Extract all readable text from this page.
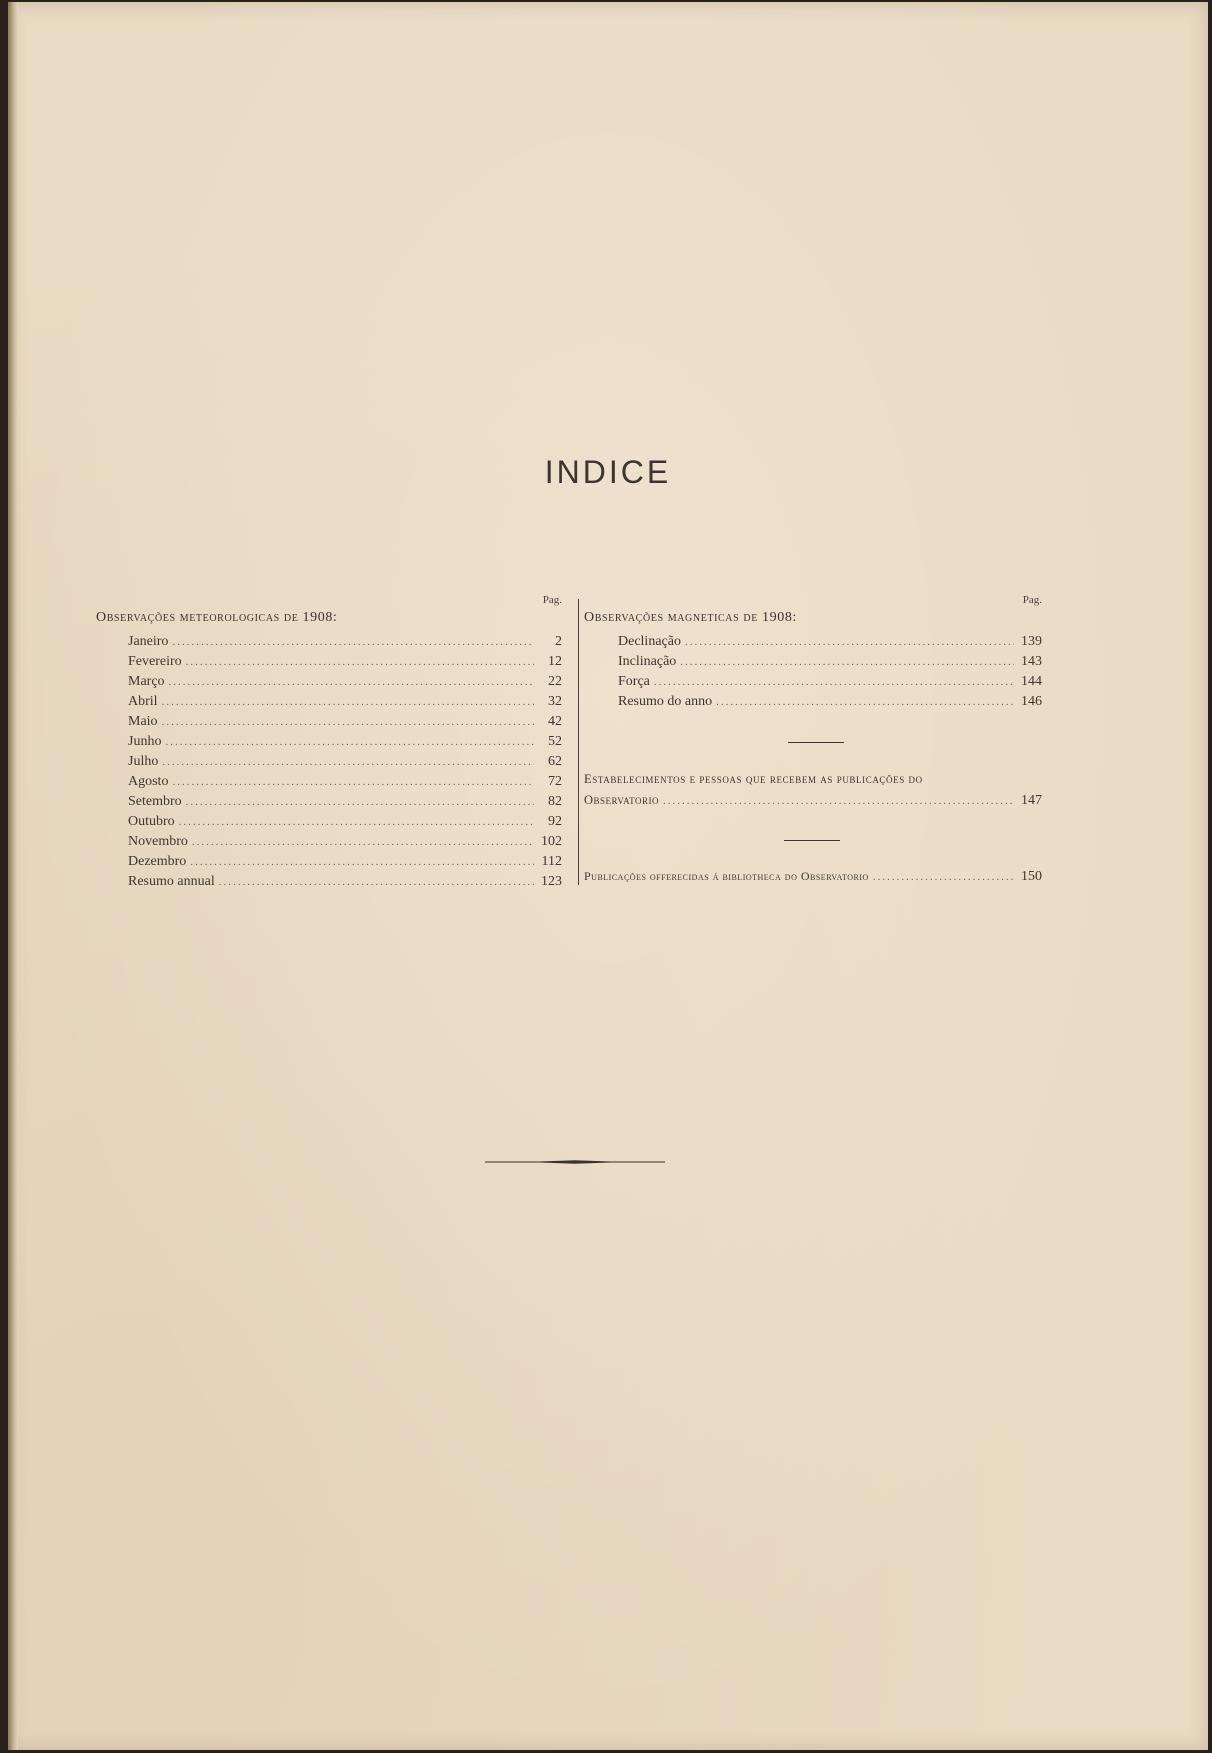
INDICE
Pag.
Observações meteorologicas de 1908:
Janeiro .....	2
Fevereiro .....	12
Março .....	22
Abril .....	32
Maio .....	42
Junho .....	52
Julho .....	62
Agosto .....	72
Setembro .....	82
Outubro .....	92
Novembro .....	102
Dezembro .....	112
Resumo annual .....	123
Pag.
Observações magneticas de 1908:
Declinação .....	139
Inclinação .....	143
Força .....	144
Resumo do anno .....	146
Estabelecimentos e pessoas que recebem as publicações do
Observatorio .....	147
Publicações offerecidas á bibliotheca do Observatorio .....	150
